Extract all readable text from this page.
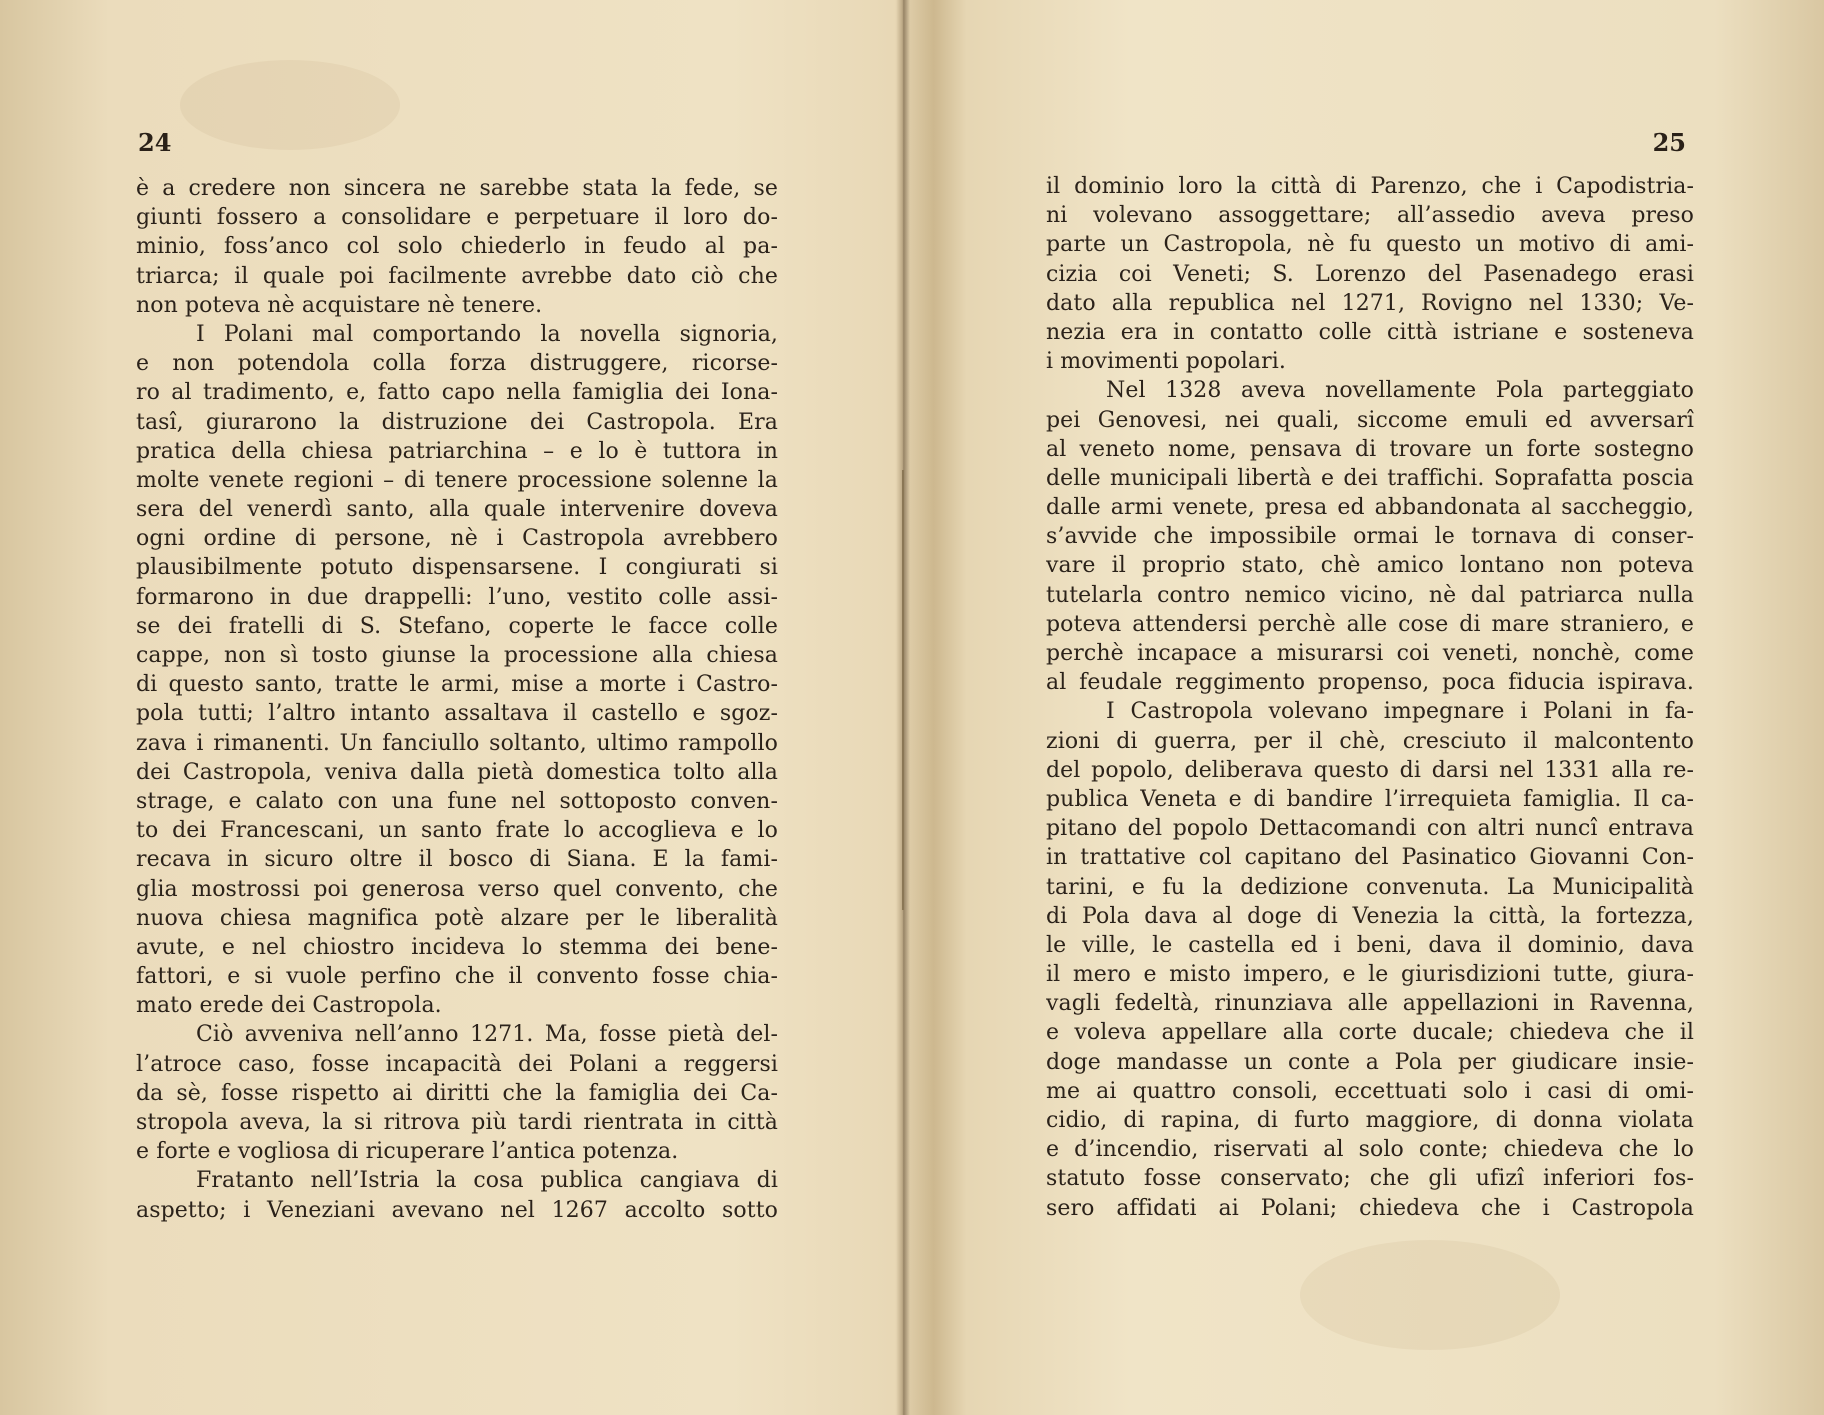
24
è a credere non sincera ne sarebbe stata la fede, se
giunti fossero a consolidare e perpetuare il loro do-
minio, foss’anco col solo chiederlo in feudo al pa-
triarca; il quale poi facilmente avrebbe dato ciò che
non poteva nè acquistare nè tenere.
I Polani mal comportando la novella signoria,
e non potendola colla forza distruggere, ricorse-
ro al tradimento, e, fatto capo nella famiglia dei Iona-
tasî, giurarono la distruzione dei Castropola. Era
pratica della chiesa patriarchina – e lo è tuttora in
molte venete regioni – di tenere processione solenne la
sera del venerdì santo, alla quale intervenire doveva
ogni ordine di persone, nè i Castropola avrebbero
plausibilmente potuto dispensarsene. I congiurati si
formarono in due drappelli: l’uno, vestito colle assi-
se dei fratelli di S. Stefano, coperte le facce colle
cappe, non sì tosto giunse la processione alla chiesa
di questo santo, tratte le armi, mise a morte i Castro-
pola tutti; l’altro intanto assaltava il castello e sgoz-
zava i rimanenti. Un fanciullo soltanto, ultimo rampollo
dei Castropola, veniva dalla pietà domestica tolto alla
strage, e calato con una fune nel sottoposto conven-
to dei Francescani, un santo frate lo accoglieva e lo
recava in sicuro oltre il bosco di Siana. E la fami-
glia mostrossi poi generosa verso quel convento, che
nuova chiesa magnifica potè alzare per le liberalità
avute, e nel chiostro incideva lo stemma dei bene-
fattori, e si vuole perfino che il convento fosse chia-
mato erede dei Castropola.
Ciò avveniva nell’anno 1271. Ma, fosse pietà del-
l’atroce caso, fosse incapacità dei Polani a reggersi
da sè, fosse rispetto ai diritti che la famiglia dei Ca-
stropola aveva, la si ritrova più tardi rientrata in città
e forte e vogliosa di ricuperare l’antica potenza.
Fratanto nell’Istria la cosa publica cangiava di
aspetto; i Veneziani avevano nel 1267 accolto sotto
25
il dominio loro la città di Parenzo, che i Capodistria-
ni volevano assoggettare; all’assedio aveva preso
parte un Castropola, nè fu questo un motivo di ami-
cizia coi Veneti; S. Lorenzo del Pasenadego erasi
dato alla republica nel 1271, Rovigno nel 1330; Ve-
nezia era in contatto colle città istriane e sosteneva
i movimenti popolari.
Nel 1328 aveva novellamente Pola parteggiato
pei Genovesi, nei quali, siccome emuli ed avversarî
al veneto nome, pensava di trovare un forte sostegno
delle municipali libertà e dei traffichi. Soprafatta poscia
dalle armi venete, presa ed abbandonata al saccheggio,
s’avvide che impossibile ormai le tornava di conser-
vare il proprio stato, chè amico lontano non poteva
tutelarla contro nemico vicino, nè dal patriarca nulla
poteva attendersi perchè alle cose di mare straniero, e
perchè incapace a misurarsi coi veneti, nonchè, come
al feudale reggimento propenso, poca fiducia ispirava.
I Castropola volevano impegnare i Polani in fa-
zioni di guerra, per il chè, cresciuto il malcontento
del popolo, deliberava questo di darsi nel 1331 alla re-
publica Veneta e di bandire l’irrequieta famiglia. Il ca-
pitano del popolo Dettacomandi con altri nuncî entrava
in trattative col capitano del Pasinatico Giovanni Con-
tarini, e fu la dedizione convenuta. La Municipalità
di Pola dava al doge di Venezia la città, la fortezza,
le ville, le castella ed i beni, dava il dominio, dava
il mero e misto impero, e le giurisdizioni tutte, giura-
vagli fedeltà, rinunziava alle appellazioni in Ravenna,
e voleva appellare alla corte ducale; chiedeva che il
doge mandasse un conte a Pola per giudicare insie-
me ai quattro consoli, eccettuati solo i casi di omi-
cidio, di rapina, di furto maggiore, di donna violata
e d’incendio, riservati al solo conte; chiedeva che lo
statuto fosse conservato; che gli ufizî inferiori fos-
sero affidati ai Polani; chiedeva che i Castropola
